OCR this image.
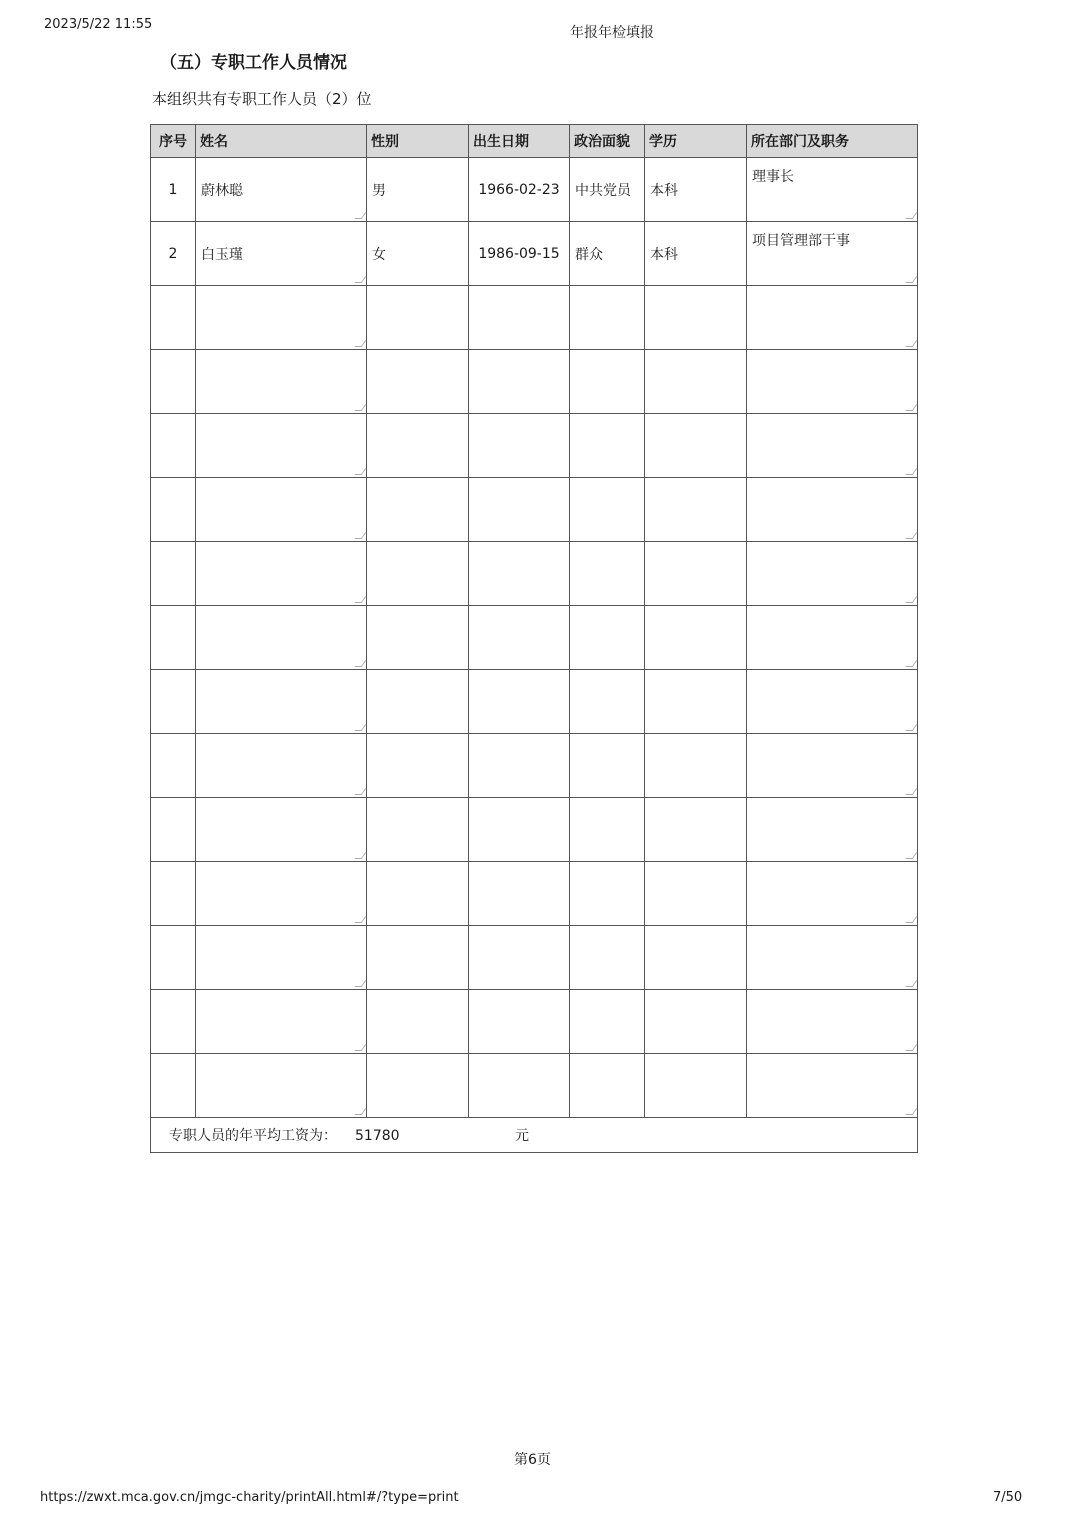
2023/5/22 11:55
年报年检填报
（五）专职工作人员情况
本组织共有专职工作人员（2）位
序号	姓名	性别	出生日期	政治面貌	学历	所在部门及职务
1	蔚林聪	男	1966-02-23	中共党员	本科	理事长

2	白玉瑾	女	1986-09-15	群众	本科	项目管理部干事

专职人员的年平均工资为： 51780 元						
第6页
https://zwxt.mca.gov.cn/jmgc-charity/printAll.html#/?type=print	7/50
